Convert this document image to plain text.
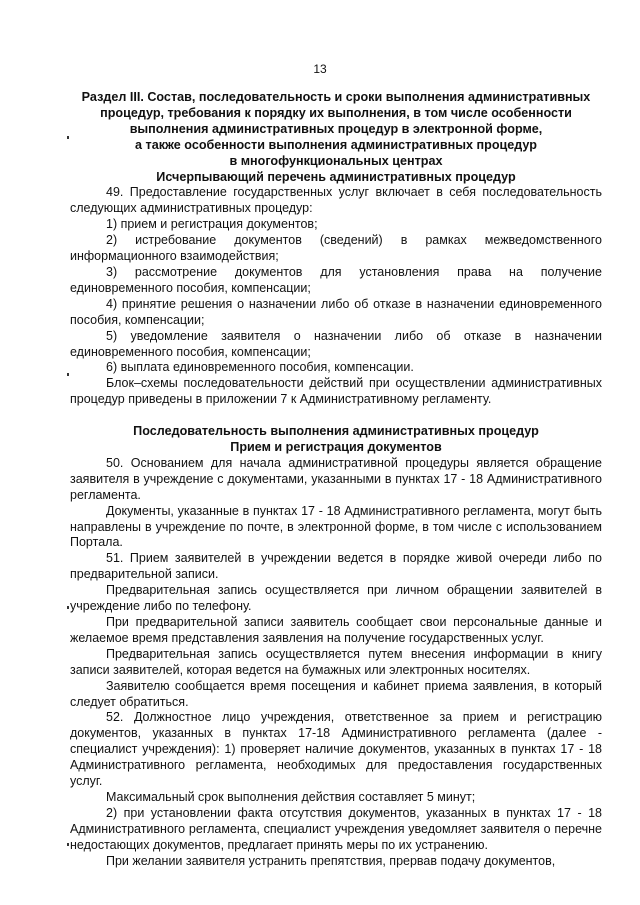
13
Раздел III. Состав, последовательность и сроки выполнения административных
процедур, требования к порядку их выполнения, в том числе особенности
выполнения административных процедур в электронной форме,
а также особенности выполнения административных процедур
в многофункциональных центрах
Исчерпывающий перечень административных процедур

49. Предоставление государственных услуг включает в себя последовательность следующих административных процедур:

1) прием и регистрация документов;

2) истребование документов (сведений) в рамках межведомственного информационного взаимодействия;

3) рассмотрение документов для установления права на получение единовременного пособия, компенсации;

4) принятие решения о назначении либо об отказе в назначении единовременного пособия, компенсации;

5) уведомление заявителя о назначении либо об отказе в назначении единовременного пособия, компенсации;

6) выплата единовременного пособия, компенсации.

Блок–схемы последовательности действий при осуществлении административных процедур приведены в приложении 7 к Административному регламенту.

Последовательность выполнения административных процедур
Прием и регистрация документов

50. Основанием для начала административной процедуры является обращение заявителя в учреждение с документами, указанными в пунктах 17 - 18 Административного регламента.

Документы, указанные в пунктах 17 - 18 Административного регламента, могут быть направлены в учреждение по почте, в электронной форме, в том числе с использованием Портала.

51. Прием заявителей в учреждении ведется в порядке живой очереди либо по предварительной записи.

Предварительная запись осуществляется при личном обращении заявителей в учреждение либо по телефону.

При предварительной записи заявитель сообщает свои персональные данные и желаемое время представления заявления на получение государственных услуг.

Предварительная запись осуществляется путем внесения информации в книгу записи заявителей, которая ведется на бумажных или электронных носителях.

Заявителю сообщается время посещения и кабинет приема заявления, в который следует обратиться.

52. Должностное лицо учреждения, ответственное за прием и регистрацию документов, указанных в пунктах 17-18 Административного регламента (далее - специалист учреждения): 1) проверяет наличие документов, указанных в пунктах 17 - 18 Административного регламента, необходимых для предоставления государственных услуг.

Максимальный срок выполнения действия составляет 5 минут;

2) при установлении факта отсутствия документов, указанных в пунктах 17 - 18 Административного регламента, специалист учреждения уведомляет заявителя о перечне недостающих документов, предлагает принять меры по их устранению.

При желании заявителя устранить препятствия, прервав подачу документов,
